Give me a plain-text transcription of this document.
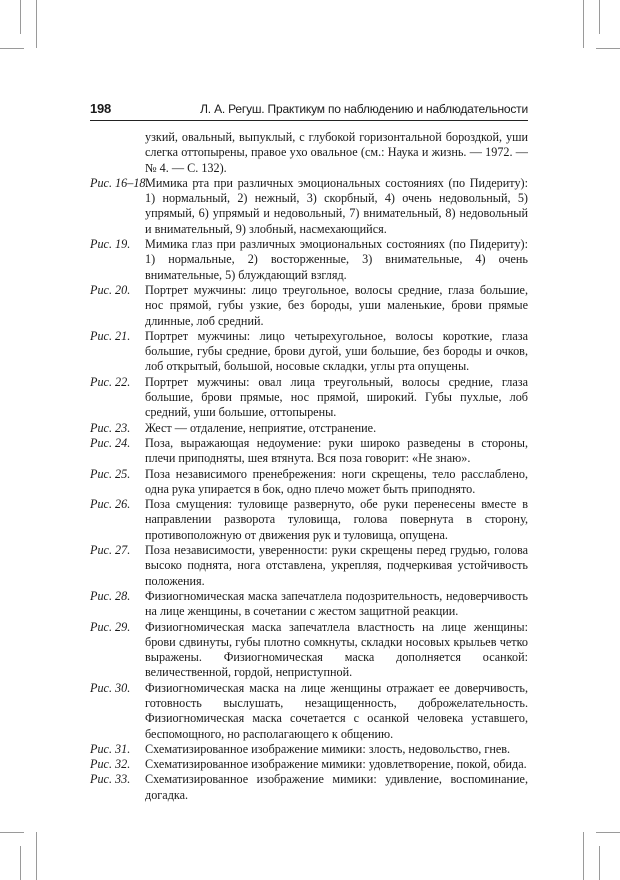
198	Л. А. Регуш. Практикум по наблюдению и наблюдательности
узкий, овальный, выпуклый, с глубокой горизонтальной бороздкой, уши слегка оттопырены, правое ухо овальное (см.: Наука и жизнь. — 1972. — № 4. — С. 132).
Рис. 16–18.
Мимика рта при различных эмоциональных состояниях (по Пидериту): 1) нормальный, 2) нежный, 3) скорбный, 4) очень недовольный, 5) упрямый, 6) упрямый и недовольный, 7) внимательный, 8) недовольный и внимательный, 9) злобный, насмехающийся.
Рис. 19. Мимика глаз при различных эмоциональных состояниях (по Пидериту): 1) нормальные, 2) восторженные, 3) внимательные, 4) очень внимательные, 5) блуждающий взгляд.
Рис. 20. Портрет мужчины: лицо треугольное, волосы средние, глаза большие, нос прямой, губы узкие, без бороды, уши маленькие, брови прямые длинные, лоб средний.
Рис. 21. Портрет мужчины: лицо четырехугольное, волосы короткие, глаза большие, губы средние, брови дугой, уши большие, без бороды и очков, лоб открытый, большой, носовые складки, углы рта опущены.
Рис. 22. Портрет мужчины: овал лица треугольный, волосы средние, глаза большие, брови прямые, нос прямой, широкий. Губы пухлые, лоб средний, уши большие, оттопырены.
Рис. 23. Жест — отдаление, неприятие, отстранение.
Рис. 24. Поза, выражающая недоумение: руки широко разведены в стороны, плечи приподняты, шея втянута. Вся поза говорит: «Не знаю».
Рис. 25. Поза независимого пренебрежения: ноги скрещены, тело расслаблено, одна рука упирается в бок, одно плечо может быть приподнято.
Рис. 26. Поза смущения: туловище развернуто, обе руки перенесены вместе в направлении разворота туловища, голова повернута в сторону, противоположную от движения рук и туловища, опущена.
Рис. 27. Поза независимости, уверенности: руки скрещены перед грудью, голова высоко поднята, нога отставлена, укрепляя, подчеркивая устойчивость положения.
Рис. 28. Физиогномическая маска запечатлела подозрительность, недоверчивость на лице женщины, в сочетании с жестом защитной реакции.
Рис. 29. Физиогномическая маска запечатлела властность на лице женщины: брови сдвинуты, губы плотно сомкнуты, складки носовых крыльев четко выражены. Физиогномическая маска дополняется осанкой: величественной, гордой, неприступной.
Рис. 30. Физиогномическая маска на лице женщины отражает ее доверчивость, готовность выслушать, незащищенность, доброжелательность. Физиогномическая маска сочетается с осанкой человека уставшего, беспомощного, но располагающего к общению.
Рис. 31. Схематизированное изображение мимики: злость, недовольство, гнев.
Рис. 32. Схематизированное изображение мимики: удовлетворение, покой, обида.
Рис. 33. Схематизированное изображение мимики: удивление, воспоминание, догадка.
